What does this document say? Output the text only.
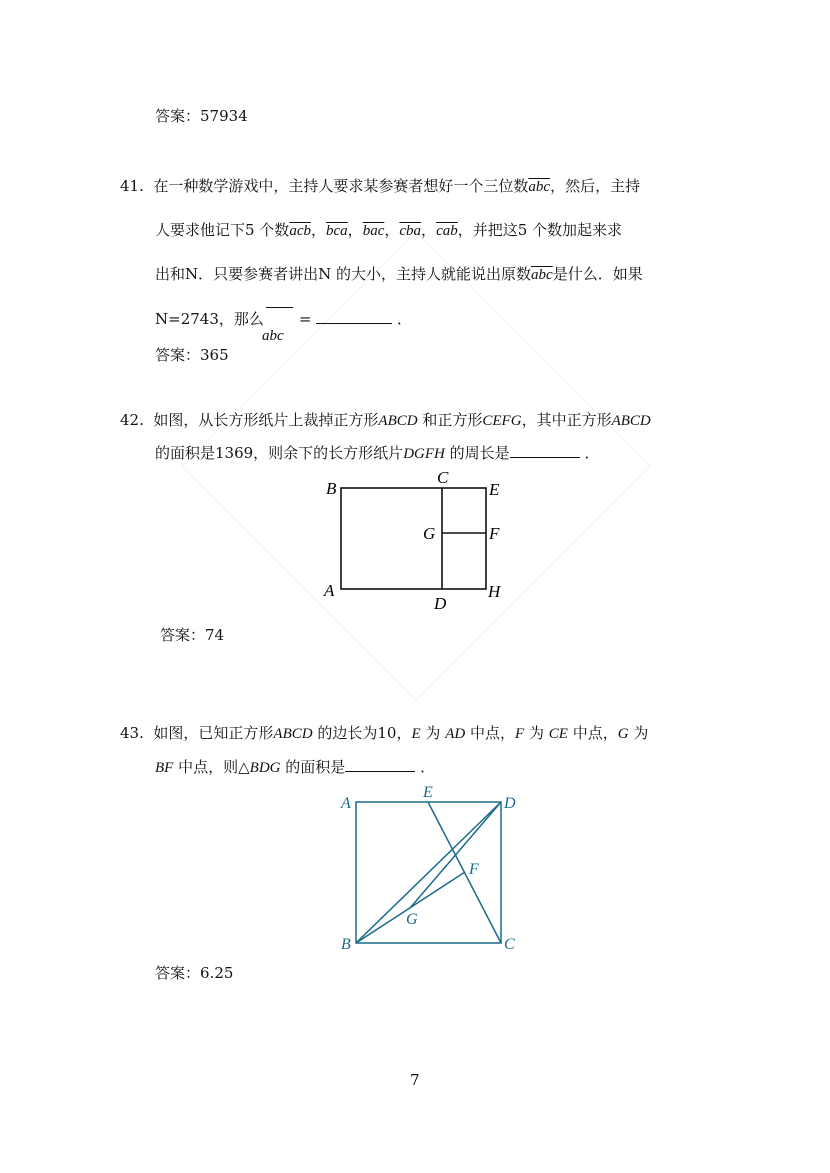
答案：57934
41. 在一种数学游戏中，主持人要求某参赛者想好一个三位数$\overline{abc}$，然后，主持
人要求他记下5 个数$\overline{acb}$，$\overline{bca}$，$\overline{bac}$，$\overline{cba}$，$\overline{cab}$，并把这5 个数加起来求
出和N．只要参赛者讲出N 的大小，主持人就能说出原数$\overline{abc}$是什么．如果
N=2743，那么 =	．
abc
答案：365
42. 如图，从长方形纸片上裁掉正方形ABCD 和正方形CEFG，其中正方形ABCD
的面积是1369，则余下的长方形纸片DGFH 的周长是	．
B
C
E
G	F
A
D
H
答案：74
43. 如图，已知正方形ABCD 的边长为10，E 为 AD 中点，F 为 CE 中点，G 为
BF 中点，则△BDG 的面积是	．
A
E
D
F
G
B	C
答案：6.25
7
